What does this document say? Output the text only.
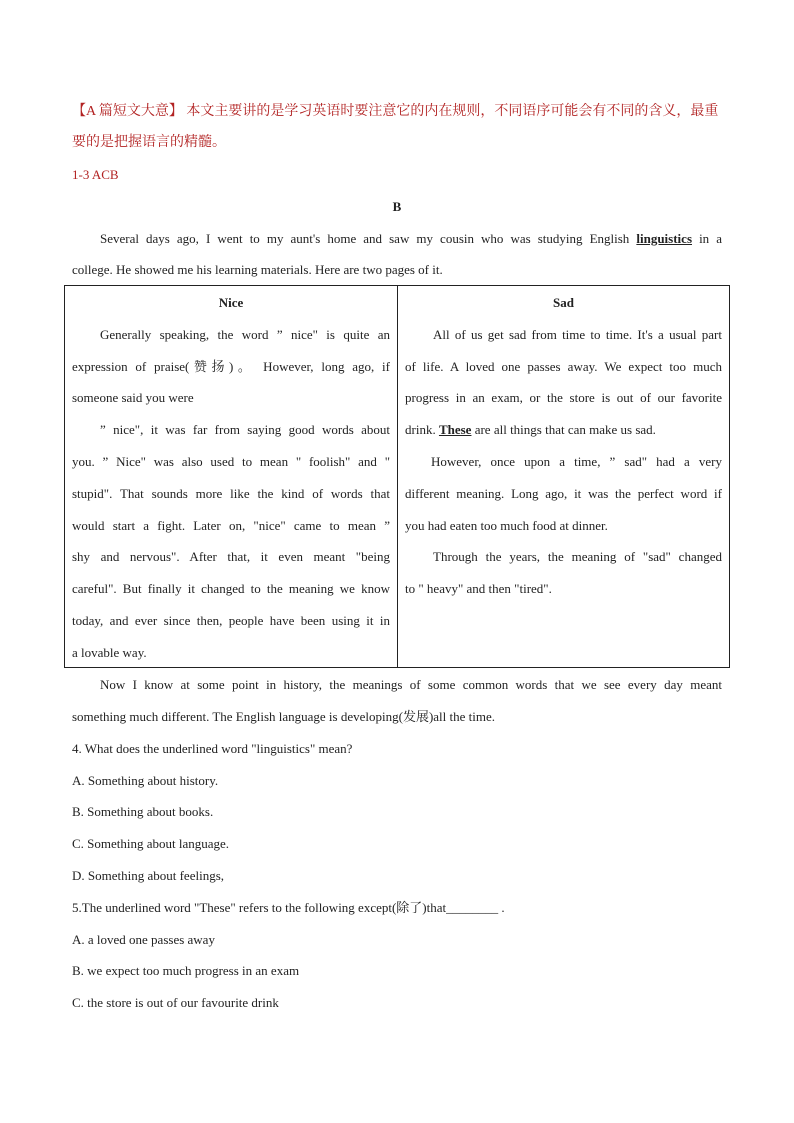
【A 篇短文大意】 本文主要讲的是学习英语时要注意它的内在规则，不同语序可能会有不同的含义，最重
要的是把握语言的精髓。
1-3 ACB
B
Several days ago, I went to my aunt's home and saw my cousin who was studying English linguistics in a
college. He showed me his learning materials. Here are two pages of it.
Nice
Generally speaking, the word ” nice" is quite an
expression of praise(赞扬)。 However, long ago, if
someone said you were
” nice", it was far from saying good words about
you. ” Nice" was also used to mean " foolish" and "
stupid". That sounds more like the kind of words that
would start a fight. Later on, "nice" came to mean ”
shy and nervous". After that, it even meant "being
careful". But finally it changed to the meaning we know
today, and ever since then, people have been using it in
a lovable way.

Sad
All of us get sad from time to time. It's a usual part
of life. A loved one passes away. We expect too much
progress in an exam, or the store is out of our favorite
drink. These are all things that can make us sad.
However, once upon a time, ” sad" had a very
different meaning. Long ago, it was the perfect word if
you had eaten too much food at dinner.
Through the years, the meaning of "sad" changed
to " heavy" and then "tired".
Now I know at some point in history, the meanings of some common words that we see every day meant
something much different. The English language is developing(发展)all the time.
4. What does the underlined word "linguistics" mean?
A. Something about history.
B. Something about books.
C. Something about language.
D. Something about feelings,
5.The underlined word "These" refers to the following except(除了)that________ .
A. a loved one passes away
B. we expect too much progress in an exam
C. the store is out of our favourite drink
